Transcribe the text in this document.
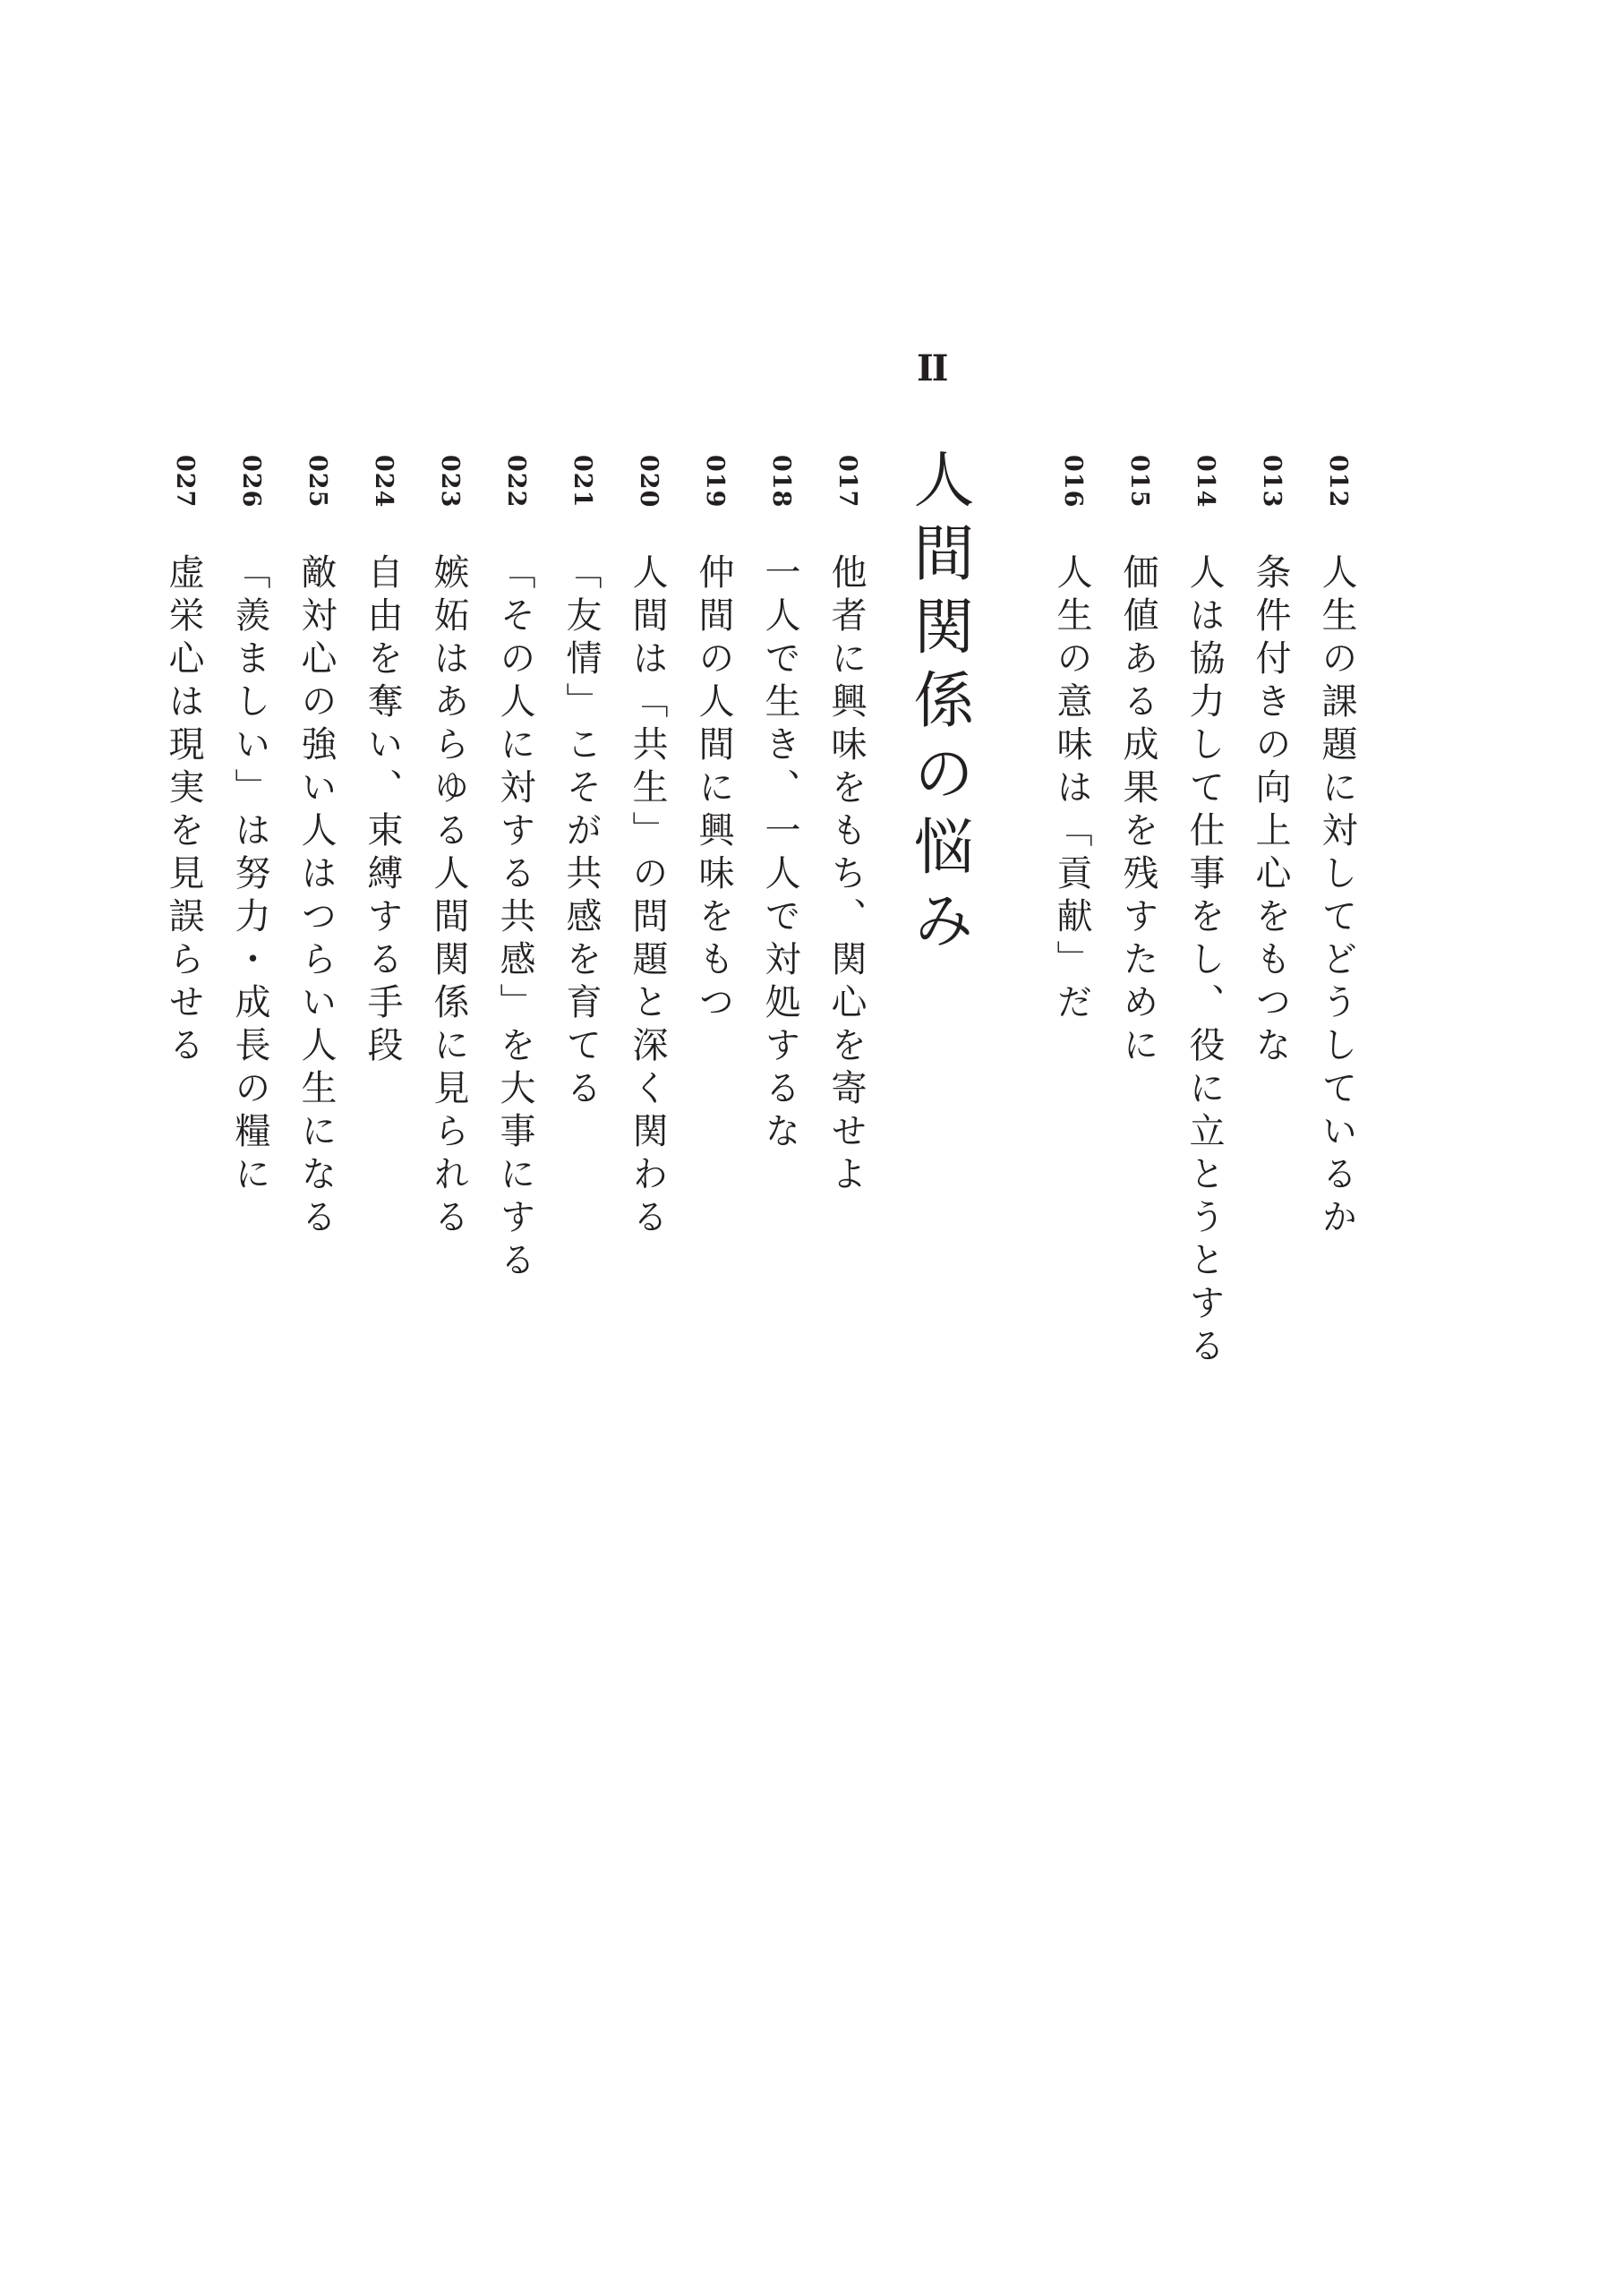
012
人生の課題に対してどうしているか
013
条件付きの向上心をもつな
014
人は協力して仕事をし、役に立とうとする
015
価値ある成果を残すために
016
人生の意味は「貢献」だ
II
人間関係の悩み
017
他者に興味をもち、関心を寄せよ
018
一人で生き、一人で対処するな
019
仲間の人間に興味をもつ
020
人間は「共生」の問題と深く関わる
021
「友情」こそが共感を育てる
022
「その人に対する共感」を大事にする
023
嫉妬はあらゆる人間関係に見られる
024
自由を奪い、束縛する手段
025
敵対心の強い人はつらい人生になる
026
「羨ましい」は努力・成長の糧に
027
虚栄心は現実を見誤らせる
